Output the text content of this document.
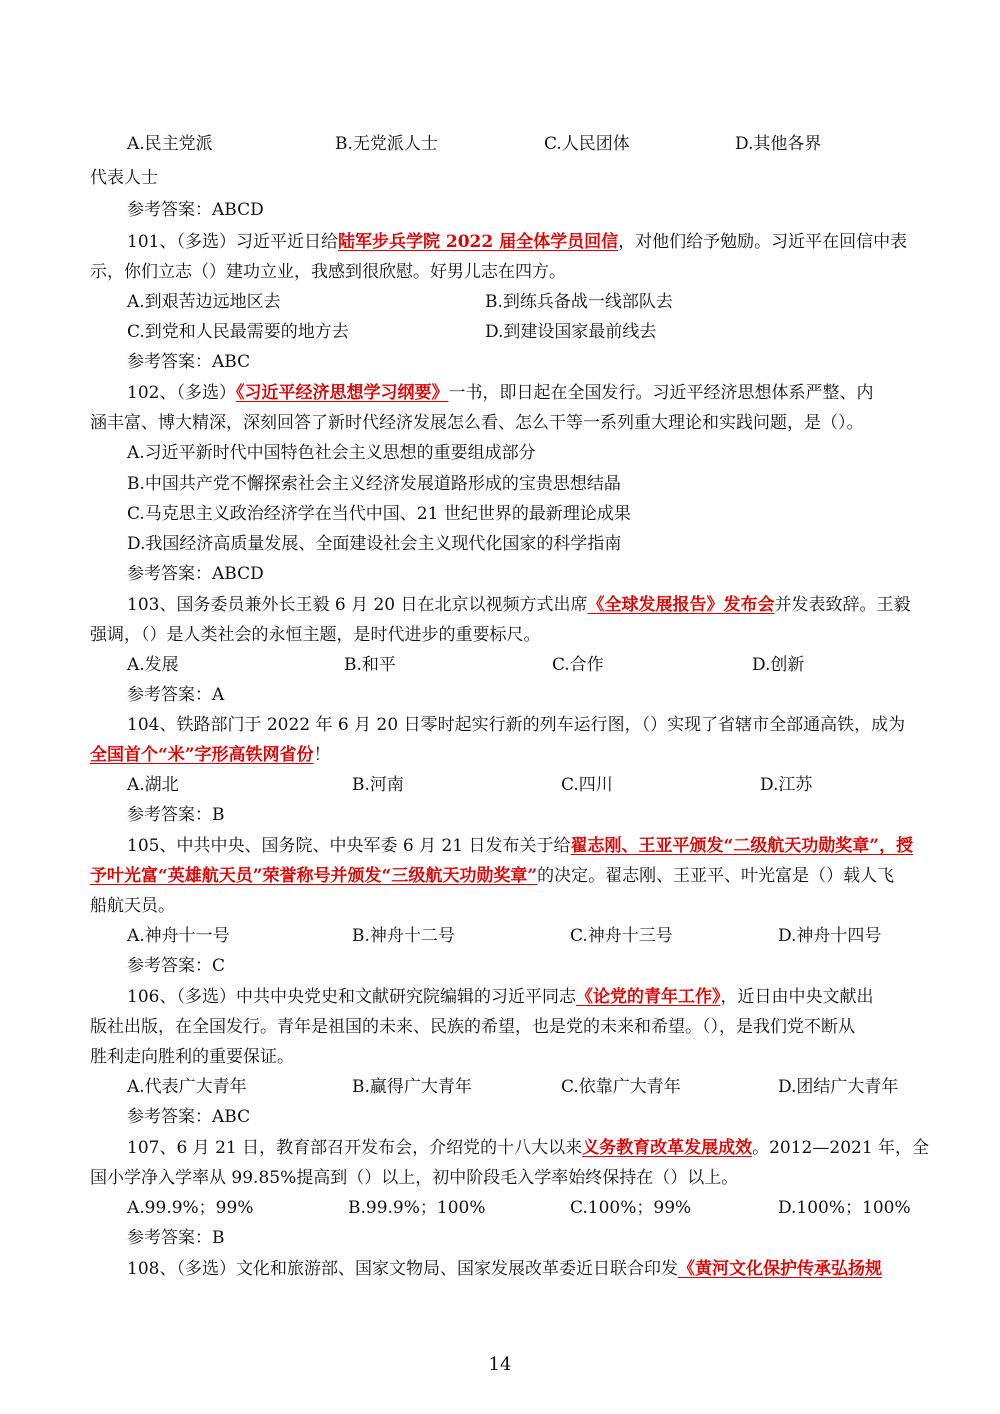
A.民主党派	B.无党派人士	C.人民团体	D.其他各界
代表人士
参考答案：ABCD
101、（多选）习近平近日给陆军步兵学院 2022 届全体学员回信，对他们给予勉励。习近平在回信中表
示，你们立志（）建功立业，我感到很欣慰。好男儿志在四方。
A.到艰苦边远地区去	B.到练兵备战一线部队去
C.到党和人民最需要的地方去	D.到建设国家最前线去
参考答案：ABC
102、（多选）《习近平经济思想学习纲要》一书，即日起在全国发行。习近平经济思想体系严整、内
涵丰富、博大精深，深刻回答了新时代经济发展怎么看、怎么干等一系列重大理论和实践问题，是（）。
A.习近平新时代中国特色社会主义思想的重要组成部分
B.中国共产党不懈探索社会主义经济发展道路形成的宝贵思想结晶
C.马克思主义政治经济学在当代中国、21 世纪世界的最新理论成果
D.我国经济高质量发展、全面建设社会主义现代化国家的科学指南
参考答案：ABCD
103、国务委员兼外长王毅 6 月 20 日在北京以视频方式出席《全球发展报告》发布会并发表致辞。王毅
强调，（）是人类社会的永恒主题，是时代进步的重要标尺。
A.发展	B.和平	C.合作	D.创新
参考答案：A
104、铁路部门于 2022 年 6 月 20 日零时起实行新的列车运行图，（）实现了省辖市全部通高铁，成为
全国首个“米”字形高铁网省份！
A.湖北	B.河南	C.四川	D.江苏
参考答案：B
105、中共中央、国务院、中央军委 6 月 21 日发布关于给翟志刚、王亚平颁发“二级航天功勋奖章”，授
予叶光富“英雄航天员”荣誉称号并颁发“三级航天功勋奖章”的决定。翟志刚、王亚平、叶光富是（）载人飞
船航天员。
A.神舟十一号	B.神舟十二号	C.神舟十三号	D.神舟十四号
参考答案：C
106、（多选）中共中央党史和文献研究院编辑的习近平同志《论党的青年工作》，近日由中央文献出
版社出版，在全国发行。青年是祖国的未来、民族的希望，也是党的未来和希望。（），是我们党不断从
胜利走向胜利的重要保证。
A.代表广大青年	B.赢得广大青年	C.依靠广大青年	D.团结广大青年
参考答案：ABC
107、6 月 21 日，教育部召开发布会，介绍党的十八大以来义务教育改革发展成效。2012—2021 年，全
国小学净入学率从 99.85%提高到（）以上，初中阶段毛入学率始终保持在（）以上。
A.99.9%；99%	B.99.9%；100%	C.100%；99%	D.100%；100%
参考答案：B
108、（多选）文化和旅游部、国家文物局、国家发展改革委近日联合印发《黄河文化保护传承弘扬规
14
